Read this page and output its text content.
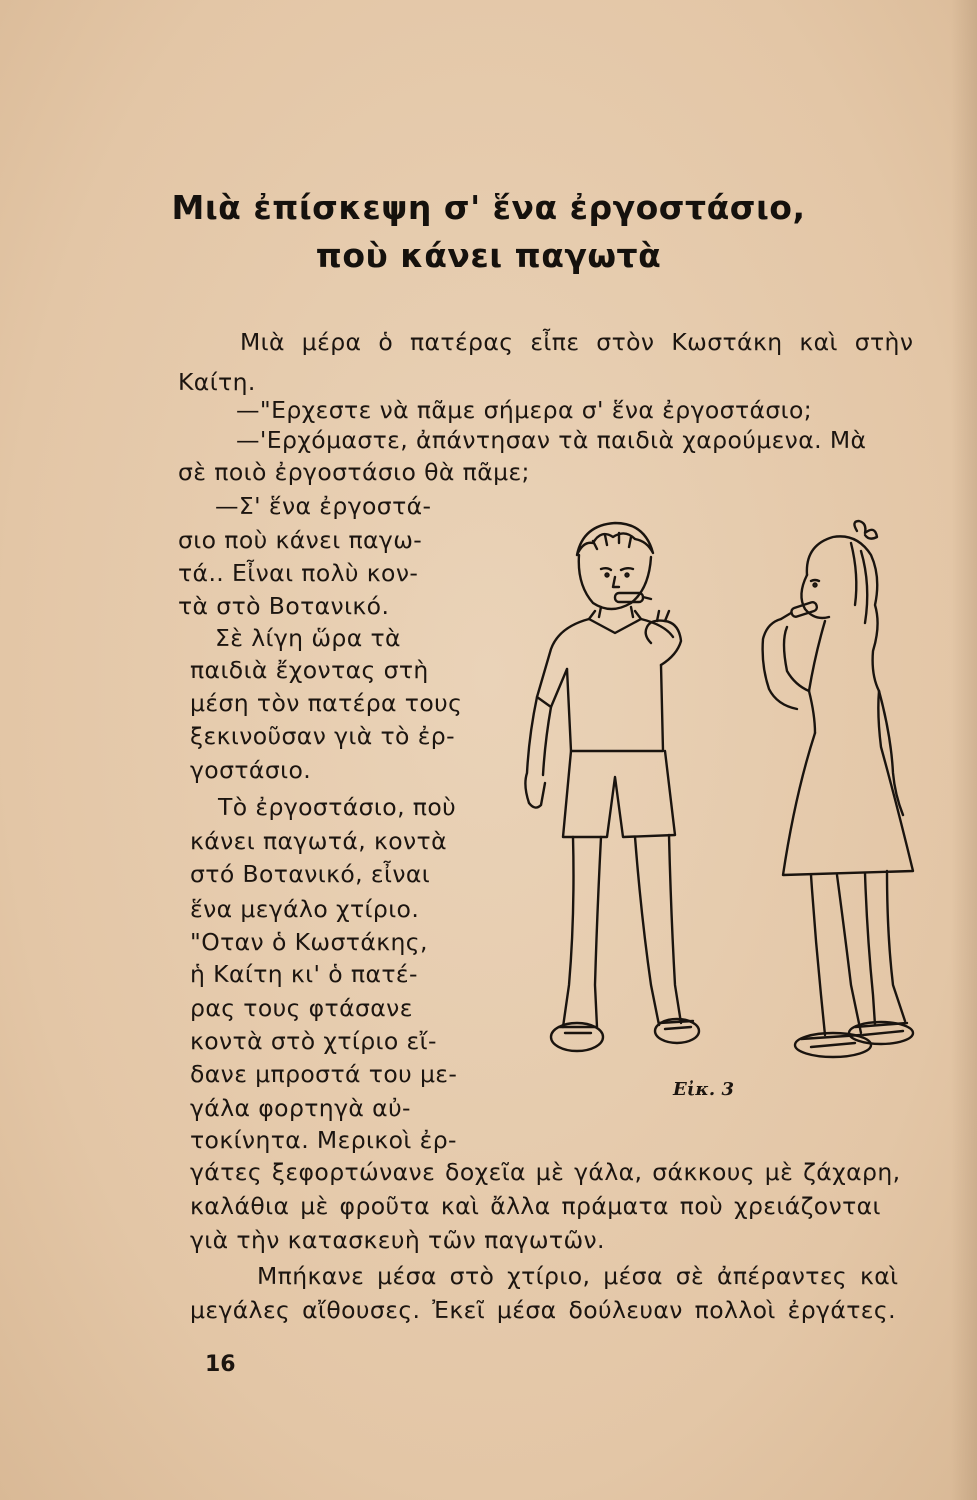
Μιὰ ἐπίσκεψη σ' ἕνα ἐργοστάσιο,
ποὺ κάνει παγωτὰ
Μιὰ μέρα ὁ πατέρας εἶπε στὸν Κωστάκη καὶ στὴν
Καίτη.
—"Ερχεστε νὰ πᾶμε σήμερα σ' ἕνα ἐργοστάσιο;
—'Ερχόμαστε, ἀπάντησαν τὰ παιδιὰ χαρούμενα. Μὰ
σὲ ποιὸ ἐργοστάσιο θὰ πᾶμε;
—Σ' ἕνα ἐργοστά-
σιο ποὺ κάνει παγω-
τά.. Εἶναι πολὺ κον-
τὰ στὸ Βοτανικό.
Σὲ λίγη ὥρα τὰ
παιδιὰ ἔχοντας στὴ
μέση τὸν πατέρα τους
ξεκινοῦσαν γιὰ τὸ ἐρ-
γοστάσιο.
Τὸ ἐργοστάσιο, ποὺ
κάνει παγωτά, κοντὰ
στό Βοτανικό, εἶναι
ἕνα μεγάλο χτίριο.
"Οταν ὁ Κωστάκης,
ἡ Καίτη κι' ὁ πατέ-
ρας τους φτάσανε
κοντὰ στὸ χτίριο εἴ-
δανε μπροστά του με-
γάλα φορτηγὰ αὐ-
τοκίνητα. Μερικοὶ ἐρ-
γάτες ξεφορτώνανε δοχεῖα μὲ γάλα, σάκκους μὲ ζάχαρη,
καλάθια μὲ φροῦτα καὶ ἄλλα πράματα ποὺ χρειάζονται
γιὰ τὴν κατασκευὴ τῶν παγωτῶν.
Μπήκανε μέσα στὸ χτίριο, μέσα σὲ ἀπέραντες καὶ
μεγάλες αἴθουσες. Ἐκεῖ μέσα δούλευαν πολλοὶ ἐργάτες.
Εἰκ. 3
16
